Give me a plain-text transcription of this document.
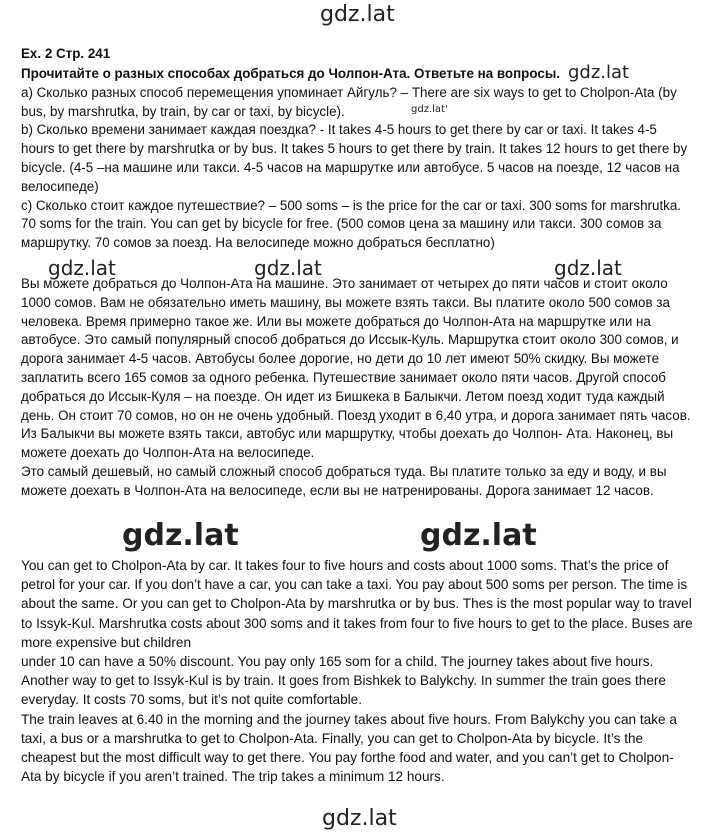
gdz.lat
Ex. 2 Стр. 241

Прочитайте о разных способах добраться до Чолпон-Ата. Ответьте на вопросы.

a) Сколько разных способ перемещения упоминает Айгуль? – There are six ways to get to Cholpon-Ata (by bus, by marshrutka, by train, by car or taxi, by bicycle).

b) Сколько времени занимает каждая поездка? - It takes 4-5 hours to get there by car or taxi. It takes 4-5 hours to get there by marshrutka or by bus. It takes 5 hours to get there by train. It takes 12 hours to get there by bicycle. (4-5 –на машине или такси. 4-5 часов на маршрутке или автобусе. 5 часов на поезде, 12 часов на велосипеде)

c) Сколько стоит каждое путешествие? – 500 soms – is the price for the car or taxi. 300 soms for marshrutka. 70 soms for the train. You can get by bicycle for free. (500 сомов цена за машину или такси. 300 сомов за маршрутку. 70 сомов за поезд. На велосипеде можно добраться бесплатно)

gdz.lat
gdz.lat'
gdz.lat	gdz.lat	gdz.lat

Вы можете добраться до Чолпон-Ата на машине. Это занимает от четырех до пяти часов и стоит около 1000 сомов. Вам не обязательно иметь машину, вы можете взять такси. Вы платите около 500 сомов за человека. Время примерно такое же. Или вы можете добраться до Чолпон-Ата на маршрутке или на автобусе. Это самый популярный способ добраться до Иссык-Куль. Маршрутка стоит около 300 сомов, и дорога занимает 4-5 часов. Автобусы более дорогие, но дети до 10 лет имеют 50% скидку. Вы можете заплатить всего 165 сомов за одного ребенка. Путешествие занимает около пяти часов. Другой способ добраться до Иссык-Куля – на поезде. Он идет из Бишкека в Балыкчи. Летом поезд ходит туда каждый день. Он стоит 70 сомов, но он не очень удобный. Поезд уходит в 6,40 утра, и дорога занимает пять часов. Из Балыкчи вы можете взять такси, автобус или маршрутку, чтобы доехать до Чолпон- Ата. Наконец, вы можете доехать до Чолпон-Ата на велосипеде.

Это самый дешевый, но самый сложный способ добраться туда. Вы платите только за еду и воду, и вы можете доехать в Чолпон-Ата на велосипеде, если вы не натренированы. Дорога занимает 12 часов.

gdz.lat	gdz.lat

You can get to Cholpon-Ata by car. It takes four to five hours and costs about 1000 soms. That’s the price of petrol for your car. If you don’t have a car, you can take a taxi. You pay about 500 soms per person. The time is about the same. Or you can get to Cholpon-Ata by marshrutka or by bus. Thes is the most popular way to travel to Issyk-Kul. Marshrutka costs about 300 soms and it takes from four to five hours to get to the place. Buses are more expensive but children

under 10 can have a 50% discount. You pay only 165 som for a child. The journey takes about five hours. Another way to get to Issyk-Kul is by train. It goes from Bishkek to Balykchy. In summer the train goes there everyday. It costs 70 soms, but it’s not quite comfortable.

The train leaves at 6.40 in the morning and the journey takes about five hours. From Balykchy you can take a taxi, a bus or a marshrutka to get to Cholpon-Ata. Finally, you can get to Cholpon-Ata by bicycle. It’s the cheapest but the most difficult way to get there. You pay forthe food and water, and you can’t get to Cholpon-Ata by bicycle if you aren’t trained. The trip takes a minimum 12 hours.

gdz.lat
